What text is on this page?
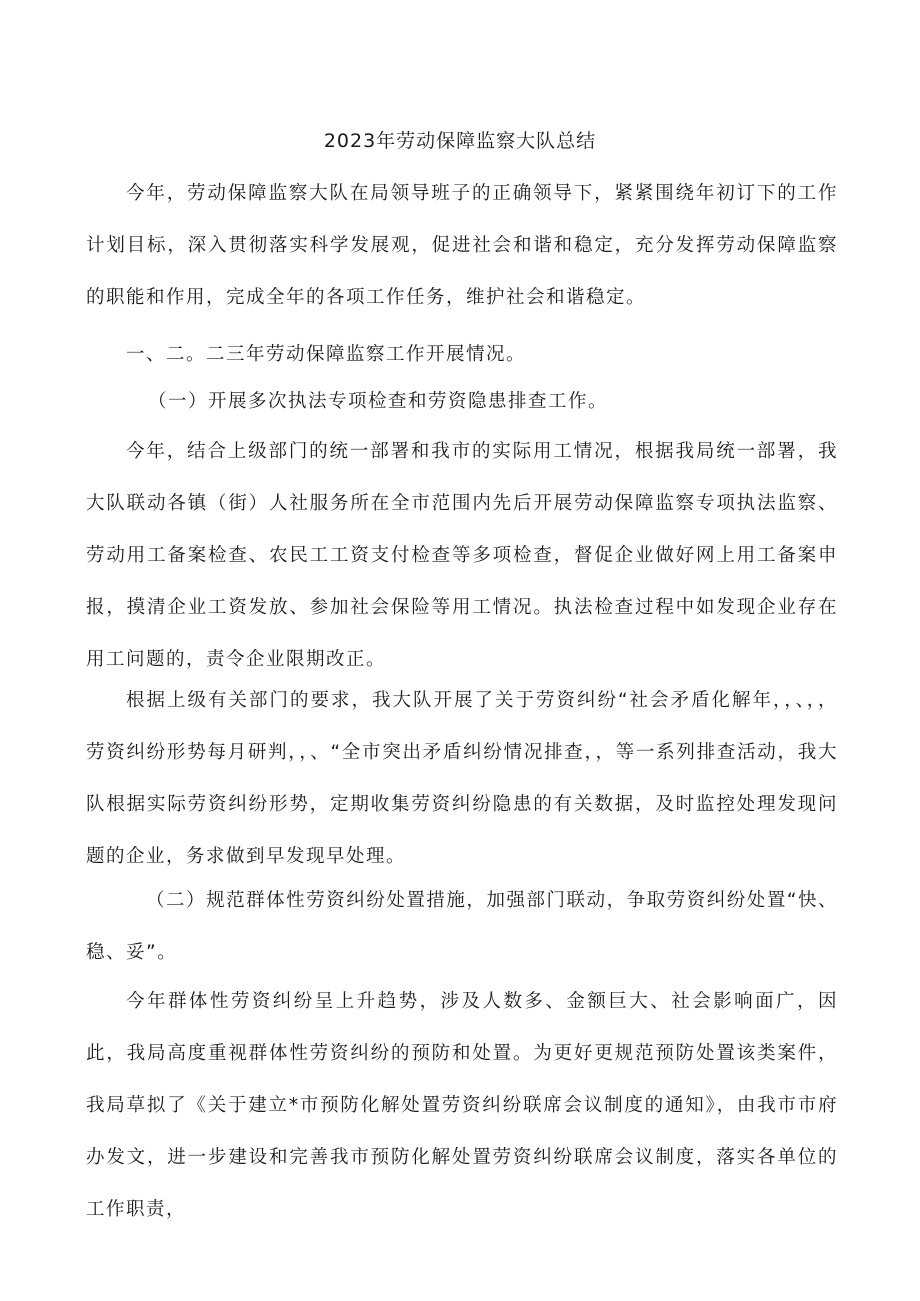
2023年劳动保障监察大队总结

今年，劳动保障监察大队在局领导班子的正确领导下，紧紧围绕年初订下的工作计划目标，深入贯彻落实科学发展观，促进社会和谐和稳定，充分发挥劳动保障监察的职能和作用，完成全年的各项工作任务，维护社会和谐稳定。

一、二。二三年劳动保障监察工作开展情况。

（一）开展多次执法专项检查和劳资隐患排查工作。

今年，结合上级部门的统一部署和我市的实际用工情况，根据我局统一部署，我大队联动各镇（街）人社服务所在全市范围内先后开展劳动保障监察专项执法监察、劳动用工备案检查、农民工工资支付检查等多项检查，督促企业做好网上用工备案申报，摸清企业工资发放、参加社会保险等用工情况。执法检查过程中如发现企业存在用工问题的，责令企业限期改正。

根据上级有关部门的要求，我大队开展了关于劳资纠纷“社会矛盾化解年，，、，，劳资纠纷形势每月研判，，、“全市突出矛盾纠纷情况排查，，等一系列排查活动，我大队根据实际劳资纠纷形势，定期收集劳资纠纷隐患的有关数据，及时监控处理发现问题的企业，务求做到早发现早处理。

（二）规范群体性劳资纠纷处置措施，加强部门联动，争取劳资纠纷处置“快、稳、妥”。

今年群体性劳资纠纷呈上升趋势，涉及人数多、金额巨大、社会影响面广，因此，我局高度重视群体性劳资纠纷的预防和处置。为更好更规范预防处置该类案件，我局草拟了《关于建立*市预防化解处置劳资纠纷联席会议制度的通知》，由我市市府办发文，进一步建设和完善我市预防化解处置劳资纠纷联席会议制度，落实各单位的工作职责，
